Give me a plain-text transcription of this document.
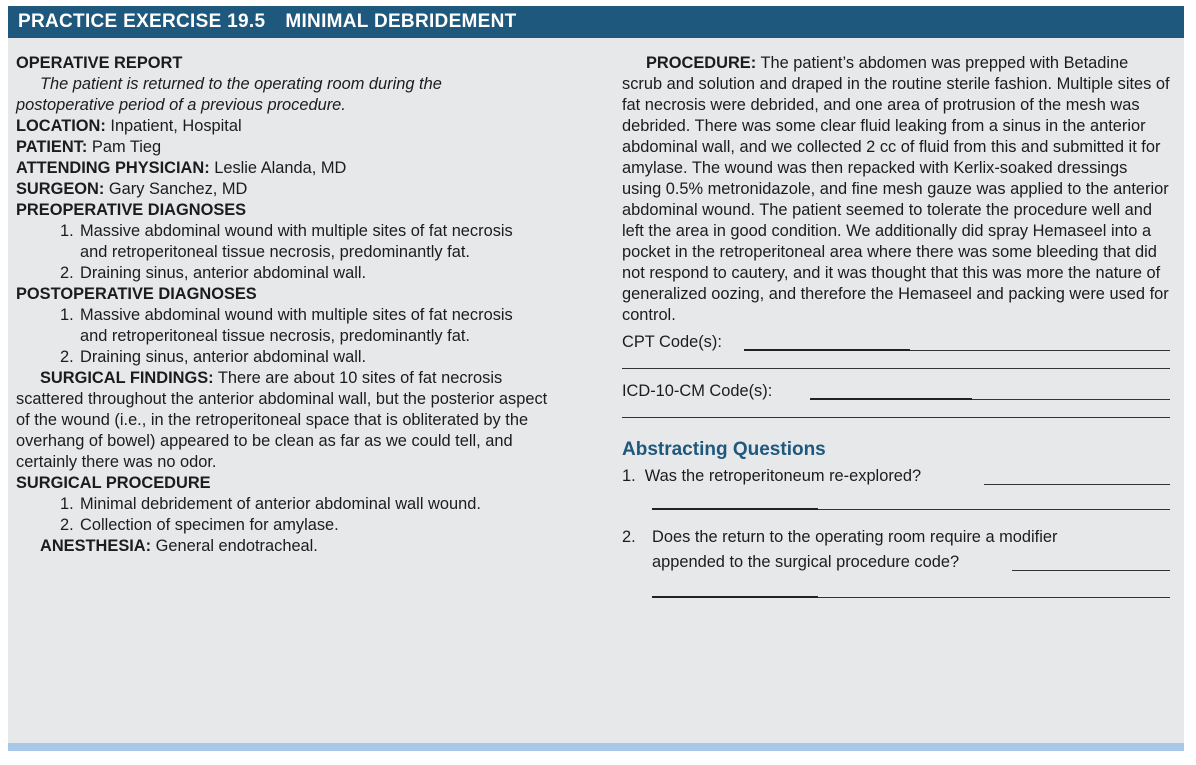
PRACTICE EXERCISE 19.5 MINIMAL DEBRIDEMENT
OPERATIVE REPORT
The patient is returned to the operating room during the
postoperative period of a previous procedure.
LOCATION: Inpatient, Hospital
PATIENT: Pam Tieg
ATTENDING PHYSICIAN: Leslie Alanda, MD
SURGEON: Gary Sanchez, MD
PREOPERATIVE DIAGNOSES
1. Massive abdominal wound with multiple sites of fat necrosis and retroperitoneal tissue necrosis, predominantly fat.
2. Draining sinus, anterior abdominal wall.
POSTOPERATIVE DIAGNOSES
1. Massive abdominal wound with multiple sites of fat necrosis and retroperitoneal tissue necrosis, predominantly fat.
2. Draining sinus, anterior abdominal wall.
SURGICAL FINDINGS: There are about 10 sites of fat necrosis scattered throughout the anterior abdominal wall, but the posterior aspect of the wound (i.e., in the retroperitoneal space that is obliterated by the overhang of bowel) appeared to be clean as far as we could tell, and certainly there was no odor.
SURGICAL PROCEDURE
1. Minimal debridement of anterior abdominal wall wound.
2. Collection of specimen for amylase.
ANESTHESIA: General endotracheal.
PROCEDURE: The patient’s abdomen was prepped with Betadine scrub and solution and draped in the routine sterile fashion. Multiple sites of fat necrosis were debrided, and one area of protrusion of the mesh was debrided. There was some clear fluid leaking from a sinus in the anterior abdominal wall, and we collected 2 cc of fluid from this and submitted it for amylase. The wound was then repacked with Kerlix-soaked dressings using 0.5% metronidazole, and fine mesh gauze was applied to the anterior abdominal wound. The patient seemed to tolerate the procedure well and left the area in good condition. We additionally did spray Hemaseel into a pocket in the retroperitoneal area where there was some bleeding that did not respond to cautery, and it was thought that this was more the nature of generalized oozing, and therefore the Hemaseel and packing were used for control.
CPT Code(s):
ICD-10-CM Code(s):
Abstracting Questions
1. Was the retroperitoneum re-explored?
2. Does the return to the operating room require a modifier
appended to the surgical procedure code?
